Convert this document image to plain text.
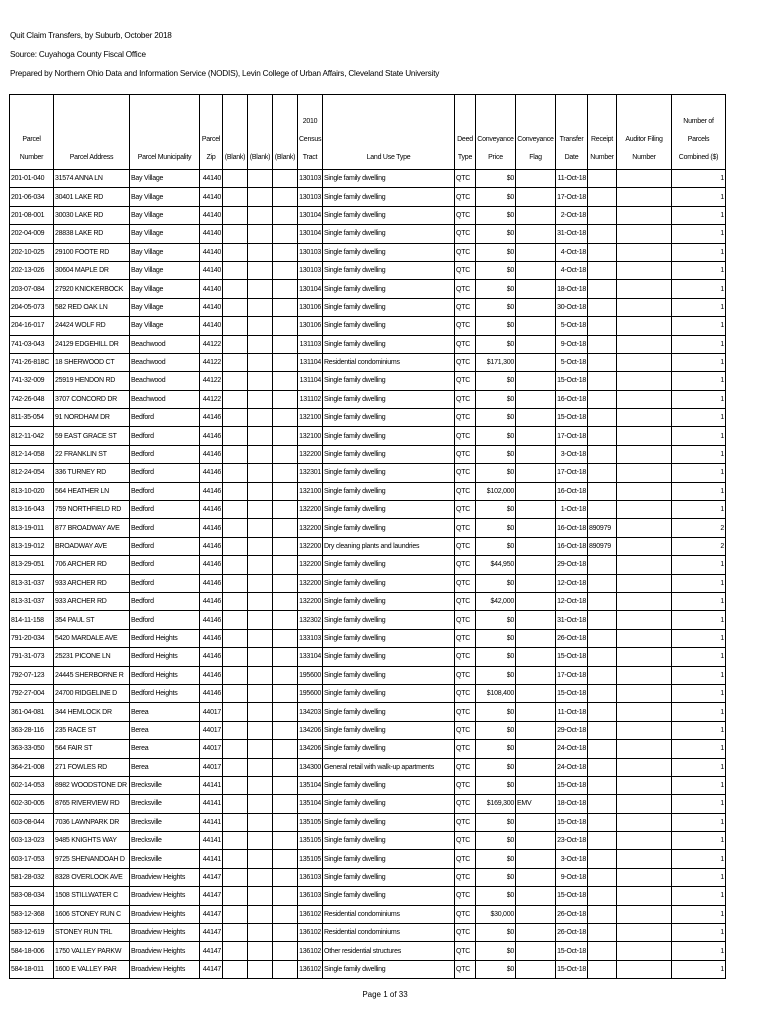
Quit Claim Transfers, by Suburb, October 2018
Source: Cuyahoga County Fiscal Office
Prepared by Northern Ohio Data and Information Service (NODIS), Levin College of Urban Affairs, Cleveland State University
Parcel Number	Parcel Address	Parcel Municipality	Parcel Zip	(Blank)	(Blank)	(Blank)	2010 Census Tract	Land Use Type	Deed Type	Conveyance Price	Conveyance Flag	Transfer Date	Receipt Number	Auditor Filing Number	Number of Parcels Combined ($)
201-01-040	31574 ANNA LN	Bay Village	44140				130103	Single family dwelling	QTC	$0		11-Oct-18			1
201-06-034	30401 LAKE RD	Bay Village	44140				130103	Single family dwelling	QTC	$0		17-Oct-18			1
201-08-001	30030 LAKE RD	Bay Village	44140				130104	Single family dwelling	QTC	$0		2-Oct-18			1
202-04-009	28838 LAKE RD	Bay Village	44140				130104	Single family dwelling	QTC	$0		31-Oct-18			1
202-10-025	29100 FOOTE RD	Bay Village	44140				130103	Single family dwelling	QTC	$0		4-Oct-18			1
202-13-026	30604 MAPLE DR	Bay Village	44140				130103	Single family dwelling	QTC	$0		4-Oct-18			1
203-07-084	27920 KNICKERBOCK	Bay Village	44140				130104	Single family dwelling	QTC	$0		18-Oct-18			1
204-05-073	582 RED OAK LN	Bay Village	44140				130106	Single family dwelling	QTC	$0		30-Oct-18			1
204-16-017	24424 WOLF RD	Bay Village	44140				130106	Single family dwelling	QTC	$0		5-Oct-18			1
741-03-043	24129 EDGEHILL DR	Beachwood	44122				131103	Single family dwelling	QTC	$0		9-Oct-18			1
741-26-818C	18 SHERWOOD CT	Beachwood	44122				131104	Residential condominiums	QTC	$171,300		5-Oct-18			1
741-32-009	25919 HENDON RD	Beachwood	44122				131104	Single family dwelling	QTC	$0		15-Oct-18			1
742-26-048	3707 CONCORD DR	Beachwood	44122				131102	Single family dwelling	QTC	$0		16-Oct-18			1
811-35-054	91 NORDHAM DR	Bedford	44146				132100	Single family dwelling	QTC	$0		15-Oct-18			1
812-11-042	59 EAST GRACE ST	Bedford	44146				132100	Single family dwelling	QTC	$0		17-Oct-18			1
812-14-058	22 FRANKLIN ST	Bedford	44146				132200	Single family dwelling	QTC	$0		3-Oct-18			1
812-24-054	336 TURNEY RD	Bedford	44146				132301	Single family dwelling	QTC	$0		17-Oct-18			1
813-10-020	564 HEATHER LN	Bedford	44146				132100	Single family dwelling	QTC	$102,000		16-Oct-18			1
813-16-043	759 NORTHFIELD RD	Bedford	44146				132200	Single family dwelling	QTC	$0		1-Oct-18			1
813-19-011	877 BROADWAY AVE	Bedford	44146				132200	Single family dwelling	QTC	$0		16-Oct-18	890979		2
813-19-012	BROADWAY AVE	Bedford	44146				132200	Dry cleaning plants and laundries	QTC	$0		16-Oct-18	890979		2
813-29-051	706 ARCHER RD	Bedford	44146				132200	Single family dwelling	QTC	$44,950		29-Oct-18			1
813-31-037	933 ARCHER RD	Bedford	44146				132200	Single family dwelling	QTC	$0		12-Oct-18			1
813-31-037	933 ARCHER RD	Bedford	44146				132200	Single family dwelling	QTC	$42,000		12-Oct-18			1
814-11-158	354 PAUL ST	Bedford	44146				132302	Single family dwelling	QTC	$0		31-Oct-18			1
791-20-034	5420 MARDALE AVE	Bedford Heights	44146				133103	Single family dwelling	QTC	$0		26-Oct-18			1
791-31-073	25231 PICONE LN	Bedford Heights	44146				133104	Single family dwelling	QTC	$0		15-Oct-18			1
792-07-123	24445 SHERBORNE R	Bedford Heights	44146				195600	Single family dwelling	QTC	$0		17-Oct-18			1
792-27-004	24700 RIDGELINE D	Bedford Heights	44146				195600	Single family dwelling	QTC	$108,400		15-Oct-18			1
361-04-081	344 HEMLOCK DR	Berea	44017				134203	Single family dwelling	QTC	$0		11-Oct-18			1
363-28-116	235 RACE ST	Berea	44017				134206	Single family dwelling	QTC	$0		29-Oct-18			1
363-33-050	564 FAIR ST	Berea	44017				134206	Single family dwelling	QTC	$0		24-Oct-18			1
364-21-008	271 FOWLES RD	Berea	44017				134300	General retail with walk-up apartments	QTC	$0		24-Oct-18			1
602-14-053	8982 WOODSTONE DR	Brecksville	44141				135104	Single family dwelling	QTC	$0		15-Oct-18			1
602-30-005	8765 RIVERVIEW RD	Brecksville	44141				135104	Single family dwelling	QTC	$169,300	EMV	18-Oct-18			1
603-08-044	7036 LAWNPARK DR	Brecksville	44141				135105	Single family dwelling	QTC	$0		15-Oct-18			1
603-13-023	9485 KNIGHTS WAY	Brecksville	44141				135105	Single family dwelling	QTC	$0		23-Oct-18			1
603-17-053	9725 SHENANDOAH D	Brecksville	44141				135105	Single family dwelling	QTC	$0		3-Oct-18			1
581-28-032	8328 OVERLOOK AVE	Broadview Heights	44147				136103	Single family dwelling	QTC	$0		9-Oct-18			1
583-08-034	1508 STILLWATER C	Broadview Heights	44147				136103	Single family dwelling	QTC	$0		15-Oct-18			1
583-12-368	1606 STONEY RUN C	Broadview Heights	44147				136102	Residential condominiums	QTC	$30,000		26-Oct-18			1
583-12-619	STONEY RUN TRL	Broadview Heights	44147				136102	Residential condominiums	QTC	$0		26-Oct-18			1
584-18-006	1750 VALLEY PARKW	Broadview Heights	44147				136102	Other residential structures	QTC	$0		15-Oct-18			1
584-18-011	1600 E VALLEY PAR	Broadview Heights	44147				136102	Single family dwelling	QTC	$0		15-Oct-18			1
Page 1 of 33
